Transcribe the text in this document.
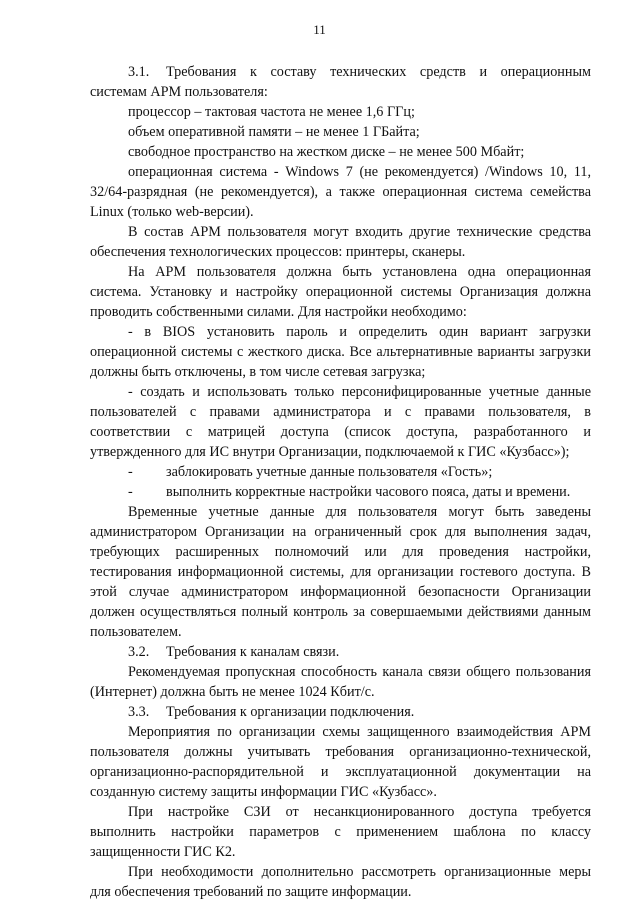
11

3.1. Требования к составу технических средств и операционным системам АРМ пользователя:

процессор – тактовая частота не менее 1,6 ГГц;

объем оперативной памяти – не менее 1 ГБайта;

свободное пространство на жестком диске – не менее 500 Мбайт;

операционная система - Windows 7 (не рекомендуется) /Windows 10, 11, 32/64-разрядная (не рекомендуется), а также операционная система семейства Linux (только web-версии).

В состав АРМ пользователя могут входить другие технические средства обеспечения технологических процессов: принтеры, сканеры.

На АРМ пользователя должна быть установлена одна операционная система. Установку и настройку операционной системы Организация должна проводить собственными силами. Для настройки необходимо:

- в BIOS установить пароль и определить один вариант загрузки операционной системы с жесткого диска. Все альтернативные варианты загрузки должны быть отключены, в том числе сетевая загрузка;

- создать и использовать только персонифицированные учетные данные пользователей с правами администратора и с правами пользователя, в соответствии с матрицей доступа (список доступа, разработанного и утвержденного для ИС внутри Организации, подключаемой к ГИС «Кузбасс»);

- заблокировать учетные данные пользователя «Гость»;

- выполнить корректные настройки часового пояса, даты и времени.

Временные учетные данные для пользователя могут быть заведены администратором Организации на ограниченный срок для выполнения задач, требующих расширенных полномочий или для проведения настройки, тестирования информационной системы, для организации гостевого доступа. В этой случае администратором информационной безопасности Организации должен осуществляться полный контроль за совершаемыми действиями данным пользователем.

3.2. Требования к каналам связи.

Рекомендуемая пропускная способность канала связи общего пользования (Интернет) должна быть не менее 1024 Кбит/с.

3.3. Требования к организации подключения.

Мероприятия по организации схемы защищенного взаимодействия АРМ пользователя должны учитывать требования организационно-технической, организационно-распорядительной и эксплуатационной документации на созданную систему защиты информации ГИС «Кузбасс».

При настройке СЗИ от несанкционированного доступа требуется выполнить настройки параметров с применением шаблона по классу защищенности ГИС К2.

При необходимости дополнительно рассмотреть организационные меры для обеспечения требований по защите информации.
